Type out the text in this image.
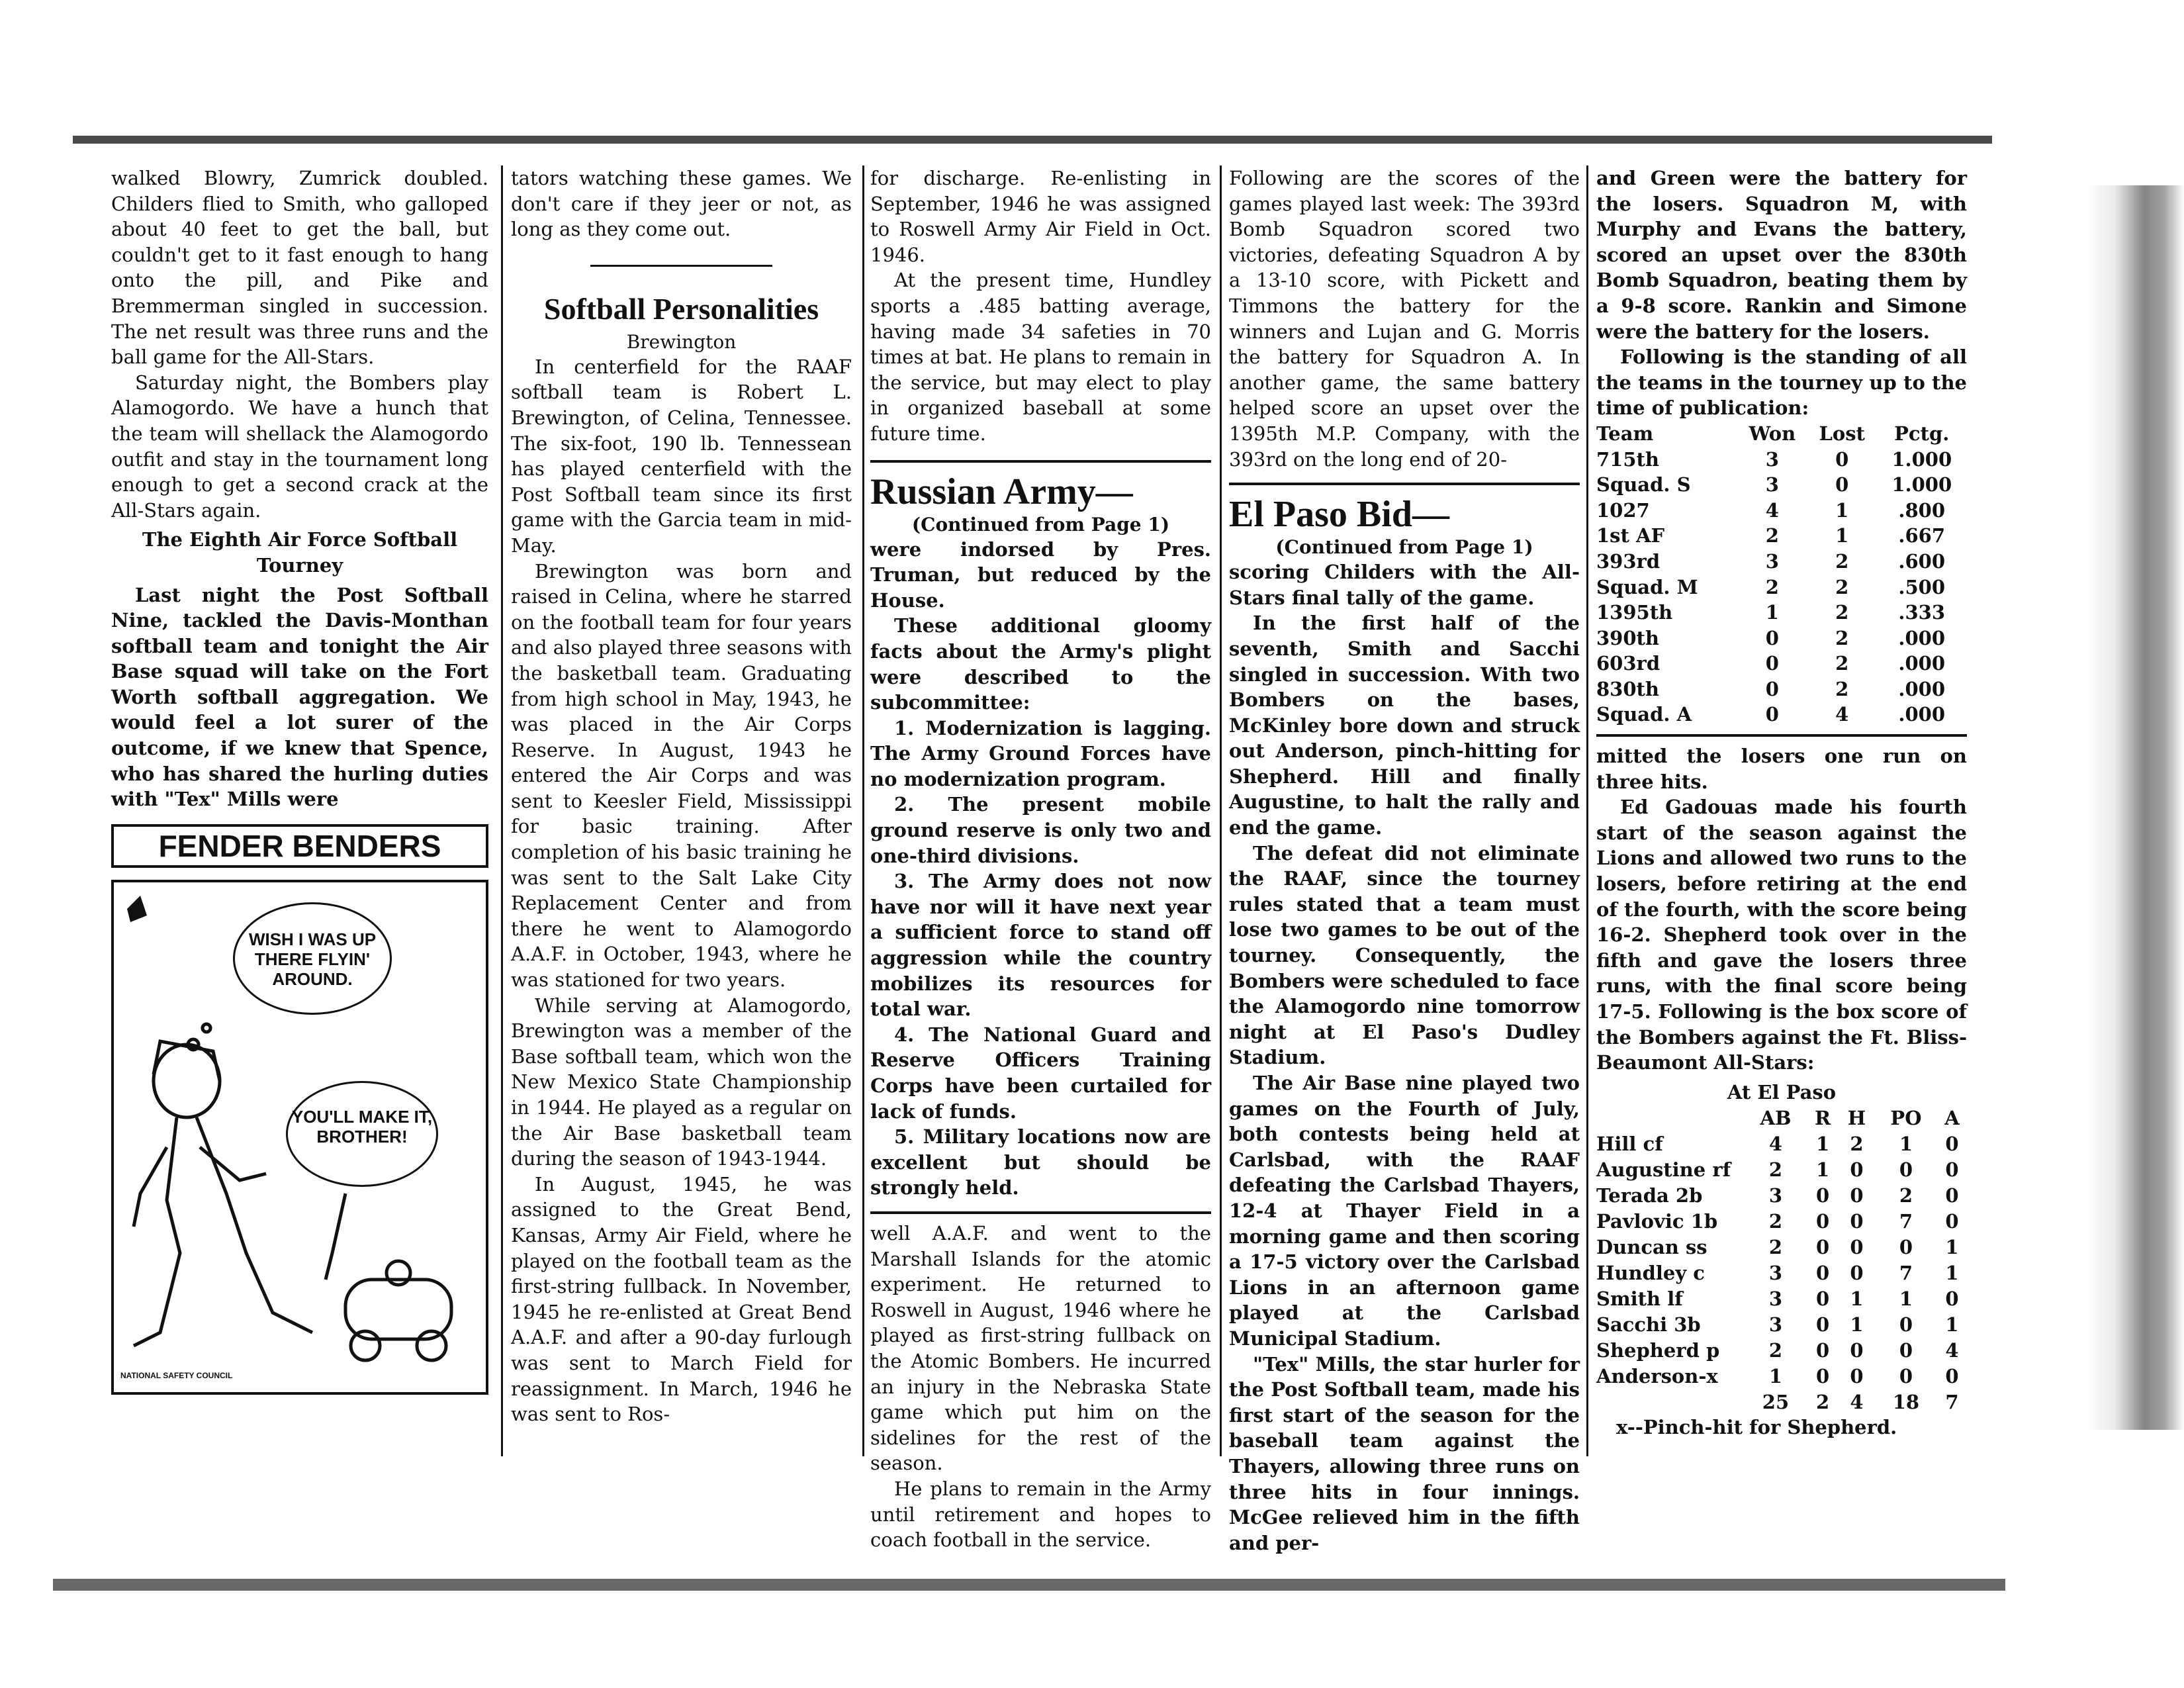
walked Blowry, Zumrick doubled. Childers flied to Smith, who galloped about 40 feet to get the ball, but couldn't get to it fast enough to hang onto the pill, and Pike and Bremmerman singled in succession. The net result was three runs and the ball game for the All-Stars.

Saturday night, the Bombers play Alamogordo. We have a hunch that the team will shellack the Alamogordo outfit and stay in the tournament long enough to get a second crack at the All-Stars again.

The Eighth Air Force Softball Tourney

Last night the Post Softball Nine, tackled the Davis-Monthan softball team and tonight the Air Base squad will take on the Fort Worth softball aggregation. We would feel a lot surer of the outcome, if we knew that Spence, who has shared the hurling duties with "Tex" Mills were

FENDER BENDERS
WISH I WAS UP THERE FLYIN' AROUND.
YOU'LL MAKE IT, BROTHER!
NATIONAL SAFETY COUNCIL

tators watching these games. We don't care if they jeer or not, as long as they come out.

Softball Personalities
Brewington

In centerfield for the RAAF softball team is Robert L. Brewington, of Celina, Tennessee. The six-foot, 190 lb. Tennessean has played centerfield with the Post Softball team since its first game with the Garcia team in mid-May.

Brewington was born and raised in Celina, where he starred on the football team for four years and also played three seasons with the basketball team. Graduating from high school in May, 1943, he was placed in the Air Corps Reserve. In August, 1943 he entered the Air Corps and was sent to Keesler Field, Mississippi for basic training. After completion of his basic training he was sent to the Salt Lake City Replacement Center and from there he went to Alamogordo A.A.F. in October, 1943, where he was stationed for two years.

While serving at Alamogordo, Brewington was a member of the Base softball team, which won the New Mexico State Championship in 1944. He played as a regular on the Air Base basketball team during the season of 1943-1944.

In August, 1945, he was assigned to the Great Bend, Kansas, Army Air Field, where he played on the football team as the first-string fullback. In November, 1945 he re-enlisted at Great Bend A.A.F. and after a 90-day furlough was sent to March Field for reassignment. In March, 1946 he was sent to Ros-

for discharge. Re-enlisting in September, 1946 he was assigned to Roswell Army Air Field in Oct. 1946.

At the present time, Hundley sports a .485 batting average, having made 34 safeties in 70 times at bat. He plans to remain in the service, but may elect to play in organized baseball at some future time.

Russian Army—
(Continued from Page 1)

were indorsed by Pres. Truman, but reduced by the House.

These additional gloomy facts about the Army's plight were described to the subcommittee:

1. Modernization is lagging. The Army Ground Forces have no modernization program.

2. The present mobile ground reserve is only two and one-third divisions.

3. The Army does not now have nor will it have next year a sufficient force to stand off aggression while the country mobilizes its resources for total war.

4. The National Guard and Reserve Officers Training Corps have been curtailed for lack of funds.

5. Military locations now are excellent but should be strongly held.

well A.A.F. and went to the Marshall Islands for the atomic experiment. He returned to Roswell in August, 1946 where he played as first-string fullback on the Atomic Bombers. He incurred an injury in the Nebraska State game which put him on the sidelines for the rest of the season.

He plans to remain in the Army until retirement and hopes to coach football in the service.

Following are the scores of the games played last week: The 393rd Bomb Squadron scored two victories, defeating Squadron A by a 13-10 score, with Pickett and Timmons the battery for the winners and Lujan and G. Morris the battery for Squadron A. In another game, the same battery helped score an upset over the 1395th M.P. Company, with the 393rd on the long end of 20-

El Paso Bid—
(Continued from Page 1)

scoring Childers with the All-Stars final tally of the game.

In the first half of the seventh, Smith and Sacchi singled in succession. With two Bombers on the bases, McKinley bore down and struck out Anderson, pinch-hitting for Shepherd. Hill and finally Augustine, to halt the rally and end the game.

The defeat did not eliminate the RAAF, since the tourney rules stated that a team must lose two games to be out of the tourney. Consequently, the Bombers were scheduled to face the Alamogordo nine tomorrow night at El Paso's Dudley Stadium.

The Air Base nine played two games on the Fourth of July, both contests being held at Carlsbad, with the RAAF defeating the Carlsbad Thayers, 12-4 at Thayer Field in a morning game and then scoring a 17-5 victory over the Carlsbad Lions in an afternoon game played at the Carlsbad Municipal Stadium.

"Tex" Mills, the star hurler for the Post Softball team, made his first start of the season for the baseball team against the Thayers, allowing three runs on three hits in four innings. McGee relieved him in the fifth and per-

and Green were the battery for the losers. Squadron M, with Murphy and Evans the battery, scored an upset over the 830th Bomb Squadron, beating them by a 9-8 score. Rankin and Simone were the battery for the losers.

Following is the standing of all the teams in the tourney up to the time of publication:

Team	Won	Lost	Pctg.
715th	3	0	1.000
Squad. S	3	0	1.000
1027	4	1	.800
1st AF	2	1	.667
393rd	3	2	.600
Squad. M	2	2	.500
1395th	1	2	.333
390th	0	2	.000
603rd	0	2	.000
830th	0	2	.000
Squad. A	0	4	.000

mitted the losers one run on three hits.

Ed Gadouas made his fourth start of the season against the Lions and allowed two runs to the losers, before retiring at the end of the fourth, with the score being 16-2. Shepherd took over in the fifth and gave the losers three runs, with the final score being 17-5. Following is the box score of the Bombers against the Ft. Bliss-Beaumont All-Stars:

At El Paso
	AB	R	H	PO	A
Hill cf	4	1	2	1	0
Augustine rf	2	1	0	0	0
Terada 2b	3	0	0	2	0
Pavlovic 1b	2	0	0	7	0
Duncan ss	2	0	0	0	1
Hundley c	3	0	0	7	1
Smith lf	3	0	1	1	0
Sacchi 3b	3	0	1	0	1
Shepherd p	2	0	0	0	4
Anderson-x	1	0	0	0	0
	25	2	4	18	7

x--Pinch-hit for Shepherd.
